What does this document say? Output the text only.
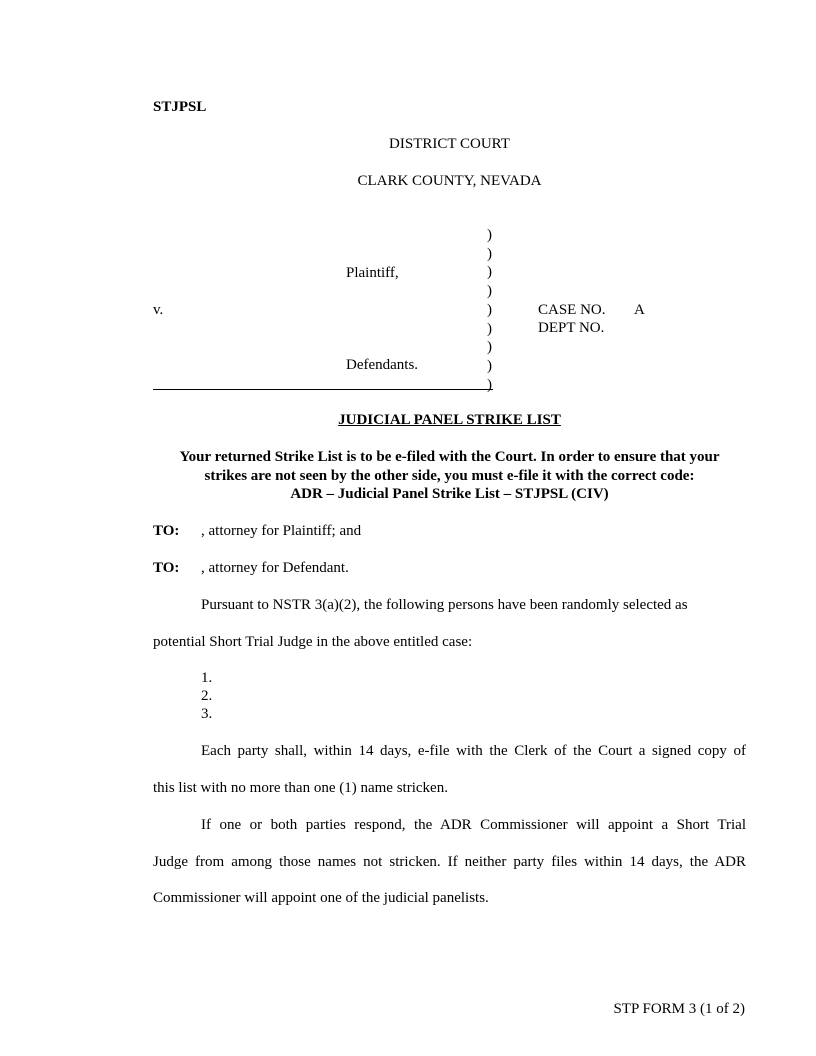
STJPSL
DISTRICT COURT
CLARK COUNTY, NEVADA
)
)
)
)
)
)
)
)
)
Plaintiff,
v.	CASE NO. A
DEPT NO.
Defendants.
JUDICIAL PANEL STRIKE LIST
Your returned Strike List is to be e-filed with the Court. In order to ensure that your
strikes are not seen by the other side, you must e-file it with the correct code:
ADR – Judicial Panel Strike List – STJPSL (CIV)
TO: , attorney for Plaintiff; and
TO: , attorney for Defendant.
Pursuant to NSTR 3(a)(2), the following persons have been randomly selected as
potential Short Trial Judge in the above entitled case:
1.
2.
3.
Each party shall, within 14 days, e-file with the Clerk of the Court a signed copy of
this list with no more than one (1) name stricken.
If one or both parties respond, the ADR Commissioner will appoint a Short Trial
Judge from among those names not stricken. If neither party files within 14 days, the ADR
Commissioner will appoint one of the judicial panelists.
STP FORM 3 (1 of 2)
